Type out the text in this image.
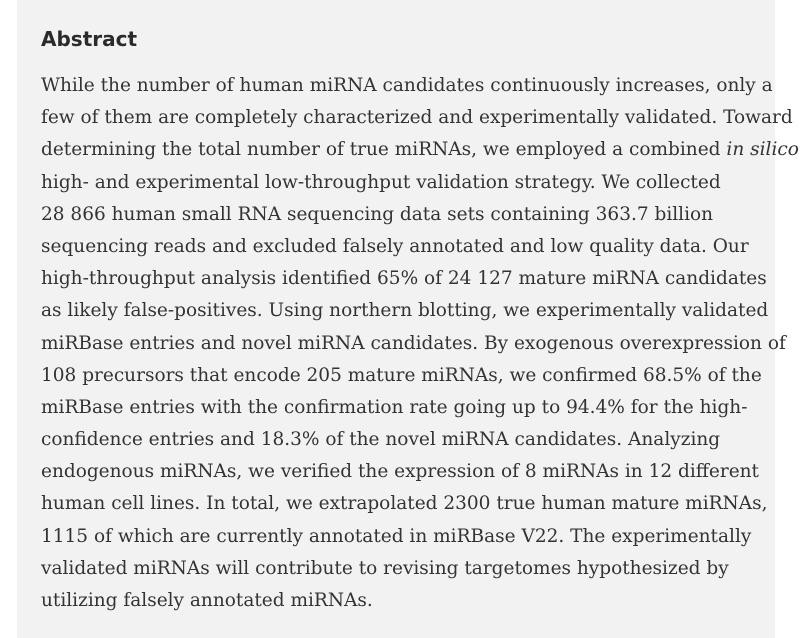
Abstract
While the number of human miRNA candidates continuously increases, only a
few of them are completely characterized and experimentally validated. Toward
determining the total number of true miRNAs, we employed a combined in silico
high- and experimental low-throughput validation strategy. We collected
28 866 human small RNA sequencing data sets containing 363.7 billion
sequencing reads and excluded falsely annotated and low quality data. Our
high-throughput analysis identified 65% of 24 127 mature miRNA candidates
as likely false-positives. Using northern blotting, we experimentally validated
miRBase entries and novel miRNA candidates. By exogenous overexpression of
108 precursors that encode 205 mature miRNAs, we confirmed 68.5% of the
miRBase entries with the confirmation rate going up to 94.4% for the high-
confidence entries and 18.3% of the novel miRNA candidates. Analyzing
endogenous miRNAs, we verified the expression of 8 miRNAs in 12 different
human cell lines. In total, we extrapolated 2300 true human mature miRNAs,
1115 of which are currently annotated in miRBase V22. The experimentally
validated miRNAs will contribute to revising targetomes hypothesized by
utilizing falsely annotated miRNAs.
